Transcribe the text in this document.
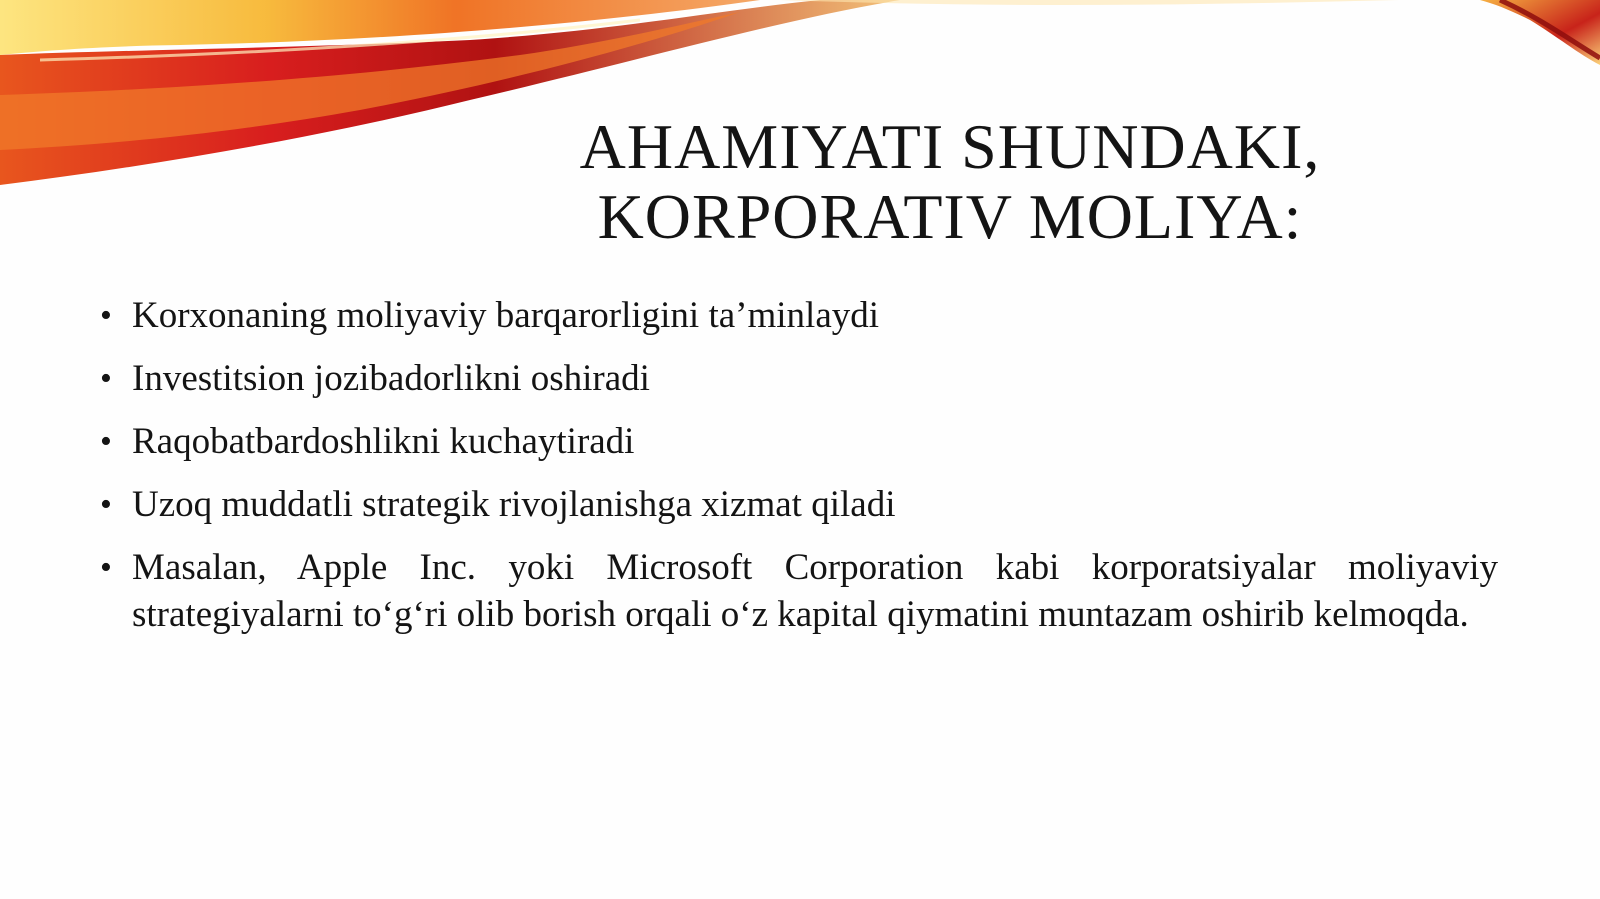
AHAMIYATI SHUNDAKI,
KORPORATIV MOLIYA:
• Korxonaning moliyaviy barqarorligini ta’minlaydi
• Investitsion jozibadorlikni oshiradi
• Raqobatbardoshlikni kuchaytiradi
• Uzoq muddatli strategik rivojlanishga xizmat qiladi
• Masalan, Apple Inc. yoki Microsoft Corporation kabi korporatsiyalar moliyaviy strategiyalarni to‘g‘ri olib borish orqali o‘z kapital qiymatini muntazam oshirib kelmoqda.
